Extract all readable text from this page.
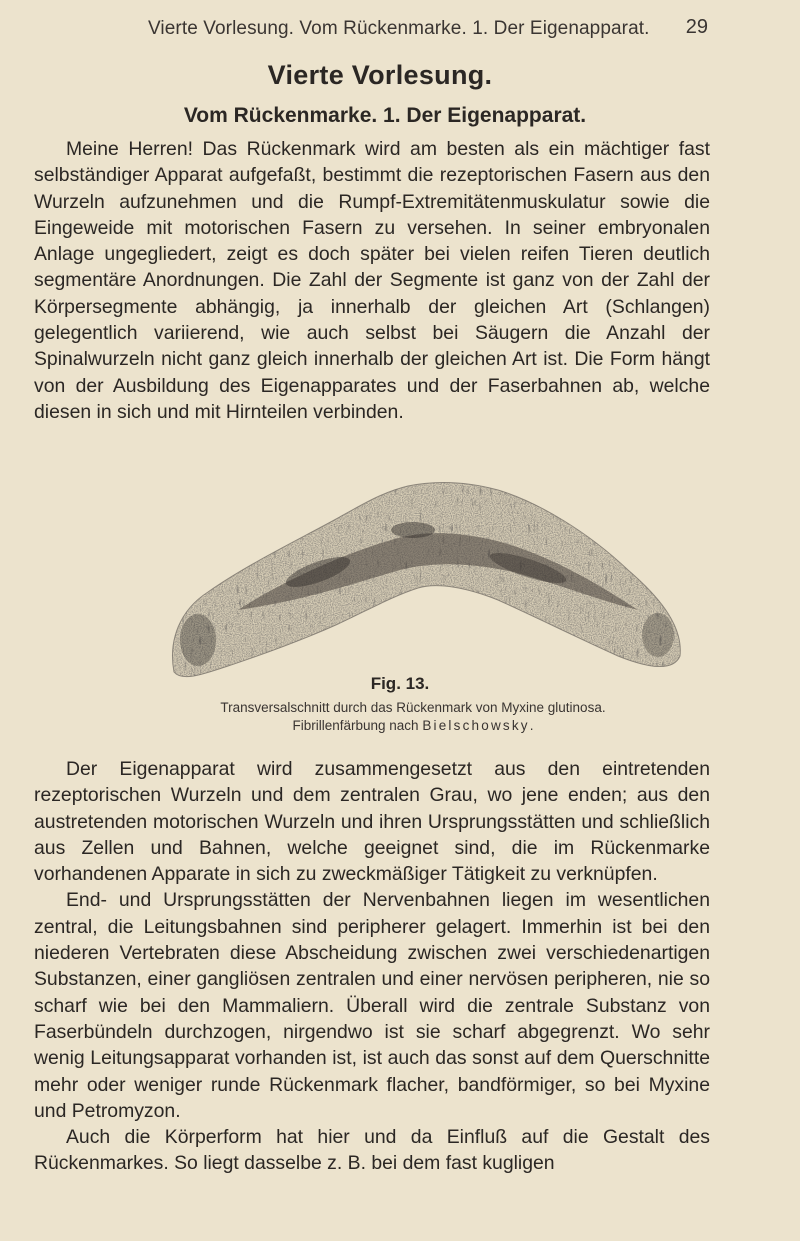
Vierte Vorlesung. Vom Rückenmarke. 1. Der Eigenapparat.	29
Vierte Vorlesung.
Vom Rückenmarke. 1. Der Eigenapparat.

Meine Herren! Das Rückenmark wird am besten als ein mächtiger fast selbständiger Apparat aufgefaßt, bestimmt die rezeptorischen Fasern aus den Wurzeln aufzunehmen und die Rumpf-Extremitätenmuskulatur sowie die Eingeweide mit motorischen Fasern zu versehen. In seiner embryonalen Anlage ungegliedert, zeigt es doch später bei vielen reifen Tieren deutlich segmentäre Anordnungen. Die Zahl der Segmente ist ganz von der Zahl der Körpersegmente abhängig, ja innerhalb der gleichen Art (Schlangen) gelegentlich variierend, wie auch selbst bei Säugern die Anzahl der Spinalwurzeln nicht ganz gleich innerhalb der gleichen Art ist. Die Form hängt von der Ausbildung des Eigenapparates und der Faserbahnen ab, welche diesen in sich und mit Hirnteilen verbinden.

Fig. 13.
Transversalschnitt durch das Rückenmark von Myxine glutinosa.
Fibrillenfärbung nach Bielschowsky.

Der Eigenapparat wird zusammengesetzt aus den eintretenden rezeptorischen Wurzeln und dem zentralen Grau, wo jene enden; aus den austretenden motorischen Wurzeln und ihren Ursprungsstätten und schließlich aus Zellen und Bahnen, welche geeignet sind, die im Rückenmarke vorhandenen Apparate in sich zu zweckmäßiger Tätigkeit zu verknüpfen.

End- und Ursprungsstätten der Nervenbahnen liegen im wesentlichen zentral, die Leitungsbahnen sind peripherer gelagert. Immerhin ist bei den niederen Vertebraten diese Abscheidung zwischen zwei verschiedenartigen Substanzen, einer gangliösen zentralen und einer nervösen peripheren, nie so scharf wie bei den Mammaliern. Überall wird die zentrale Substanz von Faserbündeln durchzogen, nirgendwo ist sie scharf abgegrenzt. Wo sehr wenig Leitungsapparat vorhanden ist, ist auch das sonst auf dem Querschnitte mehr oder weniger runde Rückenmark flacher, bandförmiger, so bei Myxine und Petromyzon.

Auch die Körperform hat hier und da Einfluß auf die Gestalt des Rückenmarkes. So liegt dasselbe z. B. bei dem fast kugligen
